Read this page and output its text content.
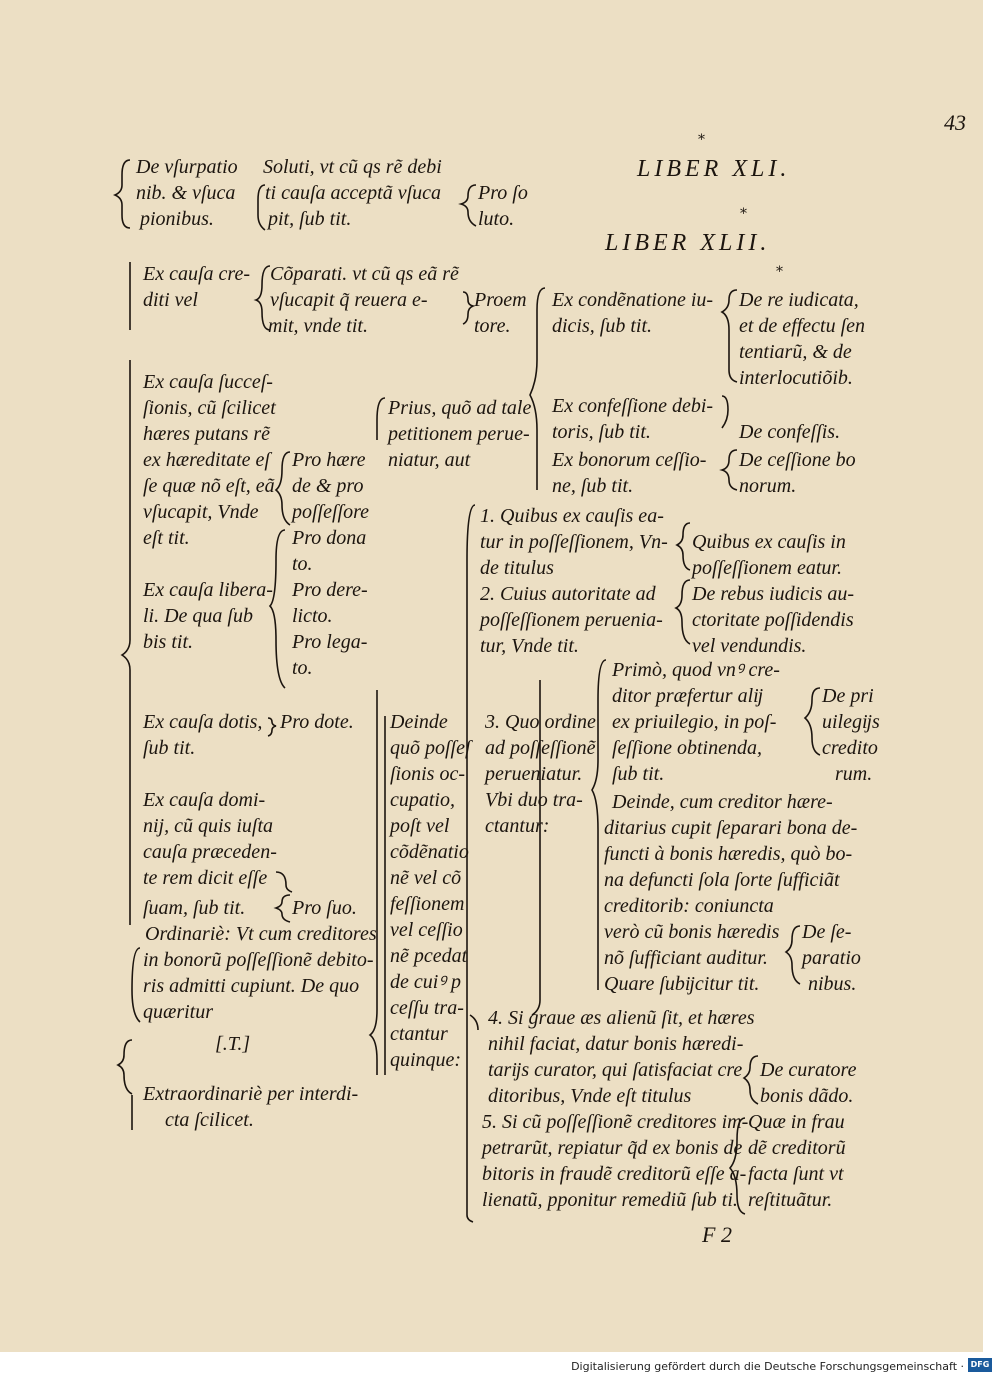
43
*
LIBER XLI.
*
LIBER XLII.
*
De vſurpatio
nib. & vſuca
pionibus.
Soluti, vt cũ qs rẽ debi
ti cauſa acceptã vſuca
pit, ſub tit.
Pro ſo
luto.
Ex cauſa cre-
diti vel
Cõparati. vt cũ qs eã rẽ
vſucapit q̃ reuera e-
mit, vnde tit.
Proem
tore.
Ex cauſa ſucceſ-
ſionis, cũ ſcilicet
hæres putans rẽ
ex hæreditate eſ
ſe quæ nõ eſt, eã
vſucapit, Vnde
eſt tit.
Pro hære
de & pro
poſſeſſore
Pro dona
to.
Pro dere-
licto.
Pro lega-
to.
Ex cauſa libera-
li. De qua ſub
bis tit.
Ex cauſa dotis,
ſub tit.
Pro dote.
Ex cauſa domi-
nij, cũ quis iuſta
cauſa præceden-
te rem dicit eſſe
ſuam, ſub tit. Pro ſuo.
Ordinariè: Vt cum creditores
in bonorũ poſſeſſionẽ debito-
ris admitti cupiunt. De quo
quæritur
[.T.]
Extraordinariè per interdi-
cta ſcilicet.
Prius, quõ ad tale
petitionem perue-
niatur, aut
Ex condẽnatione iu-
dicis, ſub tit.
De re iudicata,
et de effectu ſen
tentiarũ, & de
interlocutiõib.
Ex confeſſione debi-
toris, ſub tit.	De confeſſis.
Ex bonorum ceſſio-
ne, ſub tit.
De ceſſione bo
norum.
1. Quibus ex cauſis ea-
tur in poſſeſſionem, Vn-
de titulus
Quibus ex cauſis in
poſſeſſionem eatur.
2. Cuius autoritate ad
poſſeſſionem peruenia-
tur, Vnde tit.
De rebus iudicis au-
ctoritate poſſidendis
vel vendundis.
Deinde
quõ poſſeſ
ſionis oc-
cupatio,
poſt vel
cõdẽnatio
nẽ vel cõ
feſſionem
vel ceſſio
nẽ pcedat
de cuiꝰ p
ceſſu tra-
ctantur
quinque:
3. Quo ordine
ad poſſeſſionẽ
perueniatur.
Vbi duo tra-
ctantur:
Primò, quod vnꝰ cre-
ditor præfertur alĳ
ex priuilegio, in poſ-
ſeſſione obtinenda,
ſub tit.
De pri
uilegĳs
credito
rum.
Deinde, cum creditor hære-
ditarius cupit ſeparari bona de-
functi à bonis hæredis, quò bo-
na defuncti ſola ſorte ſufficiãt
creditorib: coniuncta
verò cũ bonis hæredis
nõ ſufficiant auditur.
Quare ſubĳcitur tit.
De ſe-
paratio
nibus.
4. Si graue æs alienũ ſit, et hæres
nihil faciat, datur bonis hæredi-
tarĳs curator, qui ſatisfaciat cre
ditoribus, Vnde eſt titulus
De curatore
bonis dãdo.
5. Si cũ poſſeſſionẽ creditores im-
petrarũt, repiatur q̃d ex bonis de
bitoris in fraudẽ creditorũ eſſe a-
lienatũ, pponitur remediũ ſub ti.
Quæ in frau
dẽ creditorũ
facta ſunt vt
reſtituãtur.
F 2
Digitalisierung gefördert durch die Deutsche Forschungsgemeinschaft · DFG
